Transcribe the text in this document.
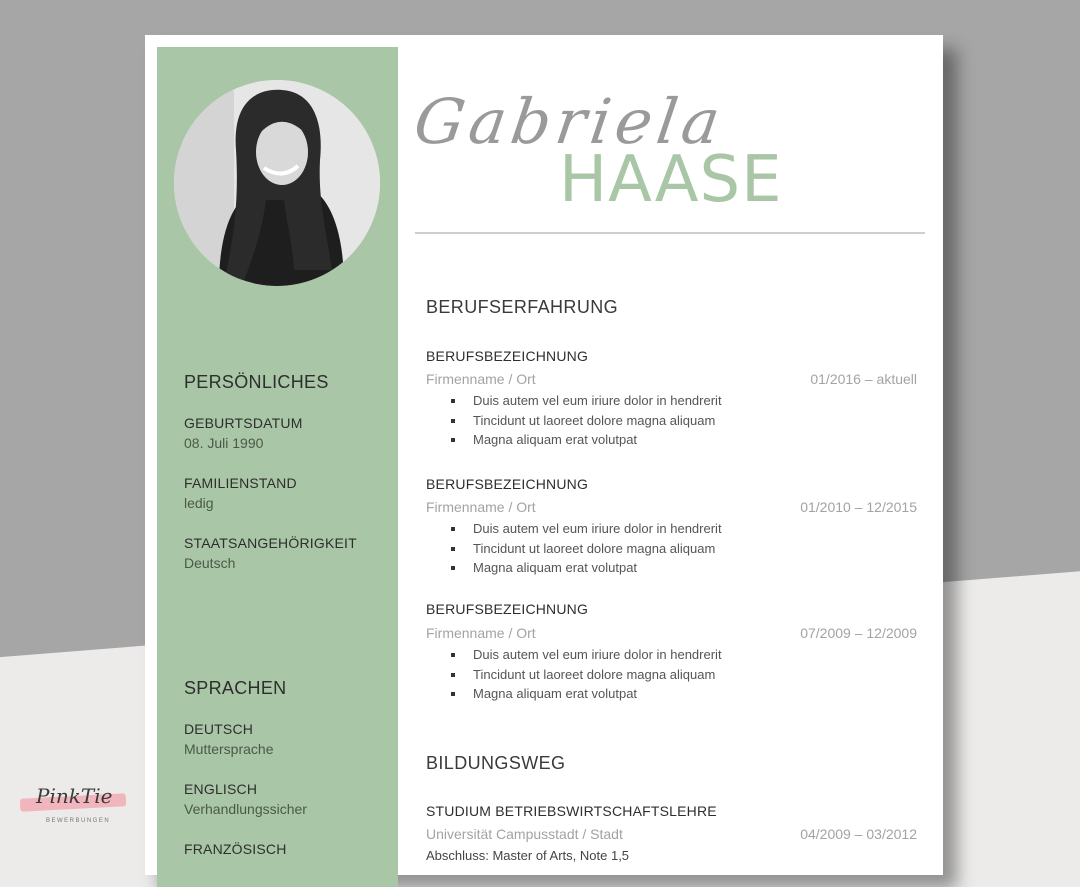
PERSÖNLICHES
GEBURTSDATUM
08. Juli 1990
FAMILIENSTAND
ledig
STAATSANGEHÖRIGKEIT
Deutsch
SPRACHEN
DEUTSCH
Muttersprache
ENGLISCH
Verhandlungssicher
FRANZÖSISCH
Gabriela
HAASE
BERUFSERFAHRUNG
BERUFSBEZEICHNUNG
Firmenname / Ort	01/2016 – aktuell
Duis autem vel eum iriure dolor in hendrerit
Tincidunt ut laoreet dolore magna aliquam
Magna aliquam erat volutpat
BERUFSBEZEICHNUNG
Firmenname / Ort	01/2010 – 12/2015
Duis autem vel eum iriure dolor in hendrerit
Tincidunt ut laoreet dolore magna aliquam
Magna aliquam erat volutpat
BERUFSBEZEICHNUNG
Firmenname / Ort	07/2009 – 12/2009
Duis autem vel eum iriure dolor in hendrerit
Tincidunt ut laoreet dolore magna aliquam
Magna aliquam erat volutpat
BILDUNGSWEG
STUDIUM BETRIEBSWIRTSCHAFTSLEHRE
Universität Campusstadt / Stadt	04/2009 – 03/2012
Abschluss: Master of Arts, Note 1,5
PinkTie
BEWERBUNGEN
